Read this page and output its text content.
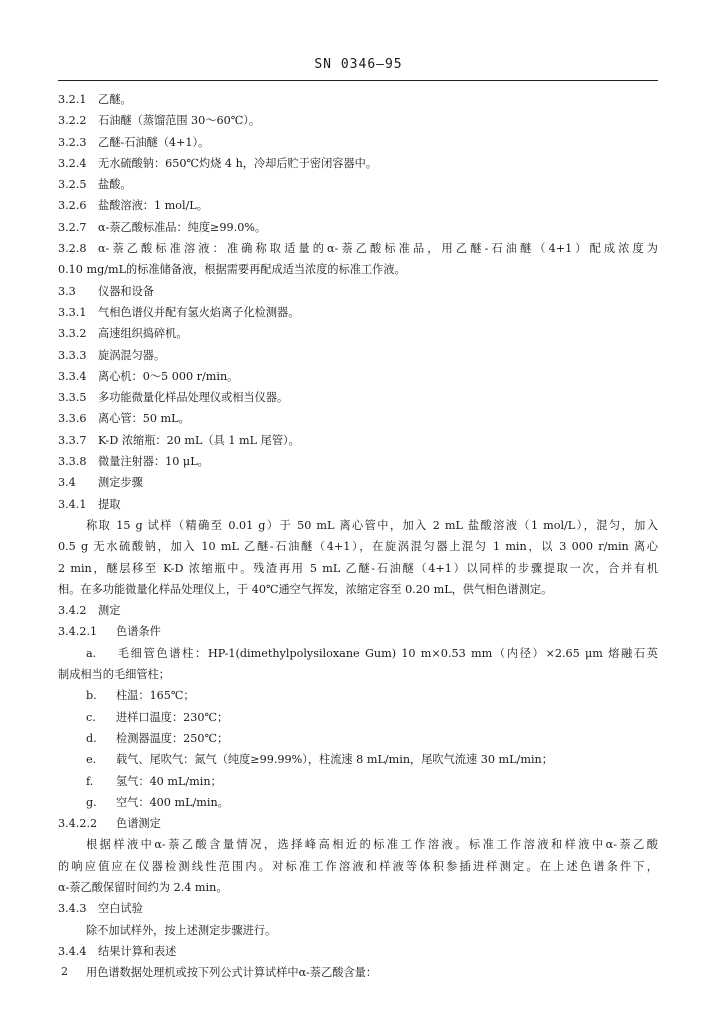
SN 0346—95
3.2.1 乙醚。
3.2.2 石油醚（蒸馏范围 30～60℃）。
3.2.3 乙醚-石油醚（4+1）。
3.2.4 无水硫酸钠：650℃灼烧 4 h，冷却后贮于密闭容器中。
3.2.5 盐酸。
3.2.6 盐酸溶液：1 mol/L。
3.2.7 α-萘乙酸标准品：纯度≥99.0%。
3.2.8 α-萘乙酸标准溶液：准确称取适量的α-萘乙酸标准品，用乙醚-石油醚（4+1）配成浓度为
0.10 mg/mL的标准储备液，根据需要再配成适当浓度的标准工作液。
3.3 仪器和设备
3.3.1 气相色谱仪并配有氢火焰离子化检测器。
3.3.2 高速组织捣碎机。
3.3.3 旋涡混匀器。
3.3.4 离心机：0～5 000 r/min。
3.3.5 多功能微量化样品处理仪或相当仪器。
3.3.6 离心管：50 mL。
3.3.7 K-D 浓缩瓶：20 mL（具 1 mL 尾管）。
3.3.8 微量注射器：10 μL。
3.4 测定步骤
3.4.1 提取
称取 15 g 试样（精确至 0.01 g）于 50 mL 离心管中，加入 2 mL 盐酸溶液（1 mol/L），混匀，加入
0.5 g 无水硫酸钠，加入 10 mL 乙醚-石油醚（4+1），在旋涡混匀器上混匀 1 min，以 3 000 r/min 离心
2 min，醚层移至 K-D 浓缩瓶中。残渣再用 5 mL 乙醚-石油醚（4+1）以同样的步骤提取一次，合并有机
相。在多功能微量化样品处理仪上，于 40℃通空气挥发，浓缩定容至 0.20 mL，供气相色谱测定。
3.4.2 测定
3.4.2.1 色谱条件
a. 毛细管色谱柱：HP-1(dimethylpolysiloxane Gum) 10 m×0.53 mm（内径）×2.65 μm 熔融石英
制成相当的毛细管柱；
b. 柱温：165℃；
c. 进样口温度：230℃；
d. 检测器温度：250℃；
e. 载气、尾吹气：氮气（纯度≥99.99%），柱流速 8 mL/min，尾吹气流速 30 mL/min；
f. 氢气：40 mL/min；
g. 空气：400 mL/min。
3.4.2.2 色谱测定
根据样液中α-萘乙酸含量情况，选择峰高相近的标准工作溶液。标准工作溶液和样液中α-萘乙酸
的响应值应在仪器检测线性范围内。对标准工作溶液和样液等体积参插进样测定。在上述色谱条件下，
α-萘乙酸保留时间约为 2.4 min。
3.4.3 空白试验
除不加试样外，按上述测定步骤进行。
3.4.4 结果计算和表述
用色谱数据处理机或按下列公式计算试样中α-萘乙酸含量：
2
